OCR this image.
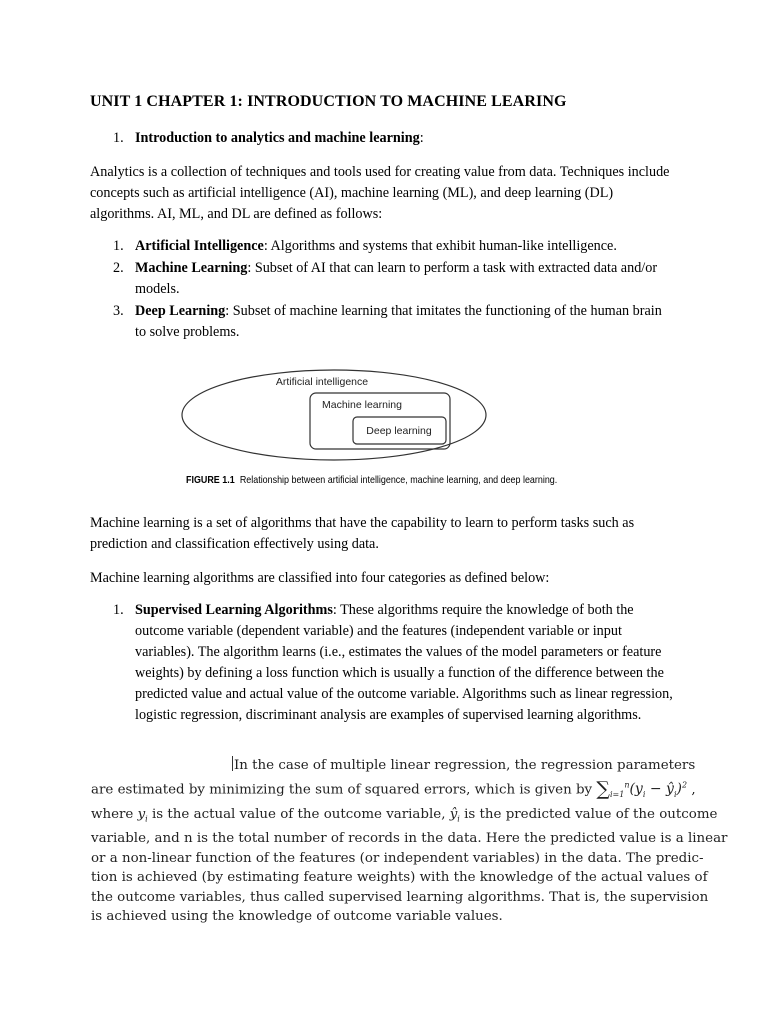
UNIT 1 CHAPTER 1: INTRODUCTION TO MACHINE LEARING
1. Introduction to analytics and machine learning:

Analytics is a collection of techniques and tools used for creating value from data. Techniques include concepts such as artificial intelligence (AI), machine learning (ML), and deep learning (DL) algorithms. AI, ML, and DL are defined as follows:

1. Artificial Intelligence: Algorithms and systems that exhibit human-like intelligence.
2. Machine Learning: Subset of AI that can learn to perform a task with extracted data and/or models.
3. Deep Learning: Subset of machine learning that imitates the functioning of the human brain to solve problems.

Machine learning is a set of algorithms that have the capability to learn to perform tasks such as prediction and classification effectively using data.

Machine learning algorithms are classified into four categories as defined below:

1. Supervised Learning Algorithms: These algorithms require the knowledge of both the outcome variable (dependent variable) and the features (independent variable or input variables). The algorithm learns (i.e., estimates the values of the model parameters or feature weights) by defining a loss function which is usually a function of the difference between the predicted value and actual value of the outcome variable. Algorithms such as linear regression, logistic regression, discriminant analysis are examples of supervised learning algorithms.
Artificial intelligence
Machine learning
Deep learning
FIGURE 1.1 Relationship between artificial intelligence, machine learning, and deep learning.
In the case of multiple linear regression, the regression parameters
are estimated by minimizing the sum of squared errors, which is given by $\sum_{i=1}^n(y_i$ − $ŷ_i)^2$ ,
where $y_i$ is the actual value of the outcome variable, $ŷ_i$ is the predicted value of the outcome
variable, and n is the total number of records in the data. Here the predicted value is a linear
or a non-linear function of the features (or independent variables) in the data. The predic-
tion is achieved (by estimating feature weights) with the knowledge of the actual values of
the outcome variables, thus called supervised learning algorithms. That is, the supervision
is achieved using the knowledge of outcome variable values.
